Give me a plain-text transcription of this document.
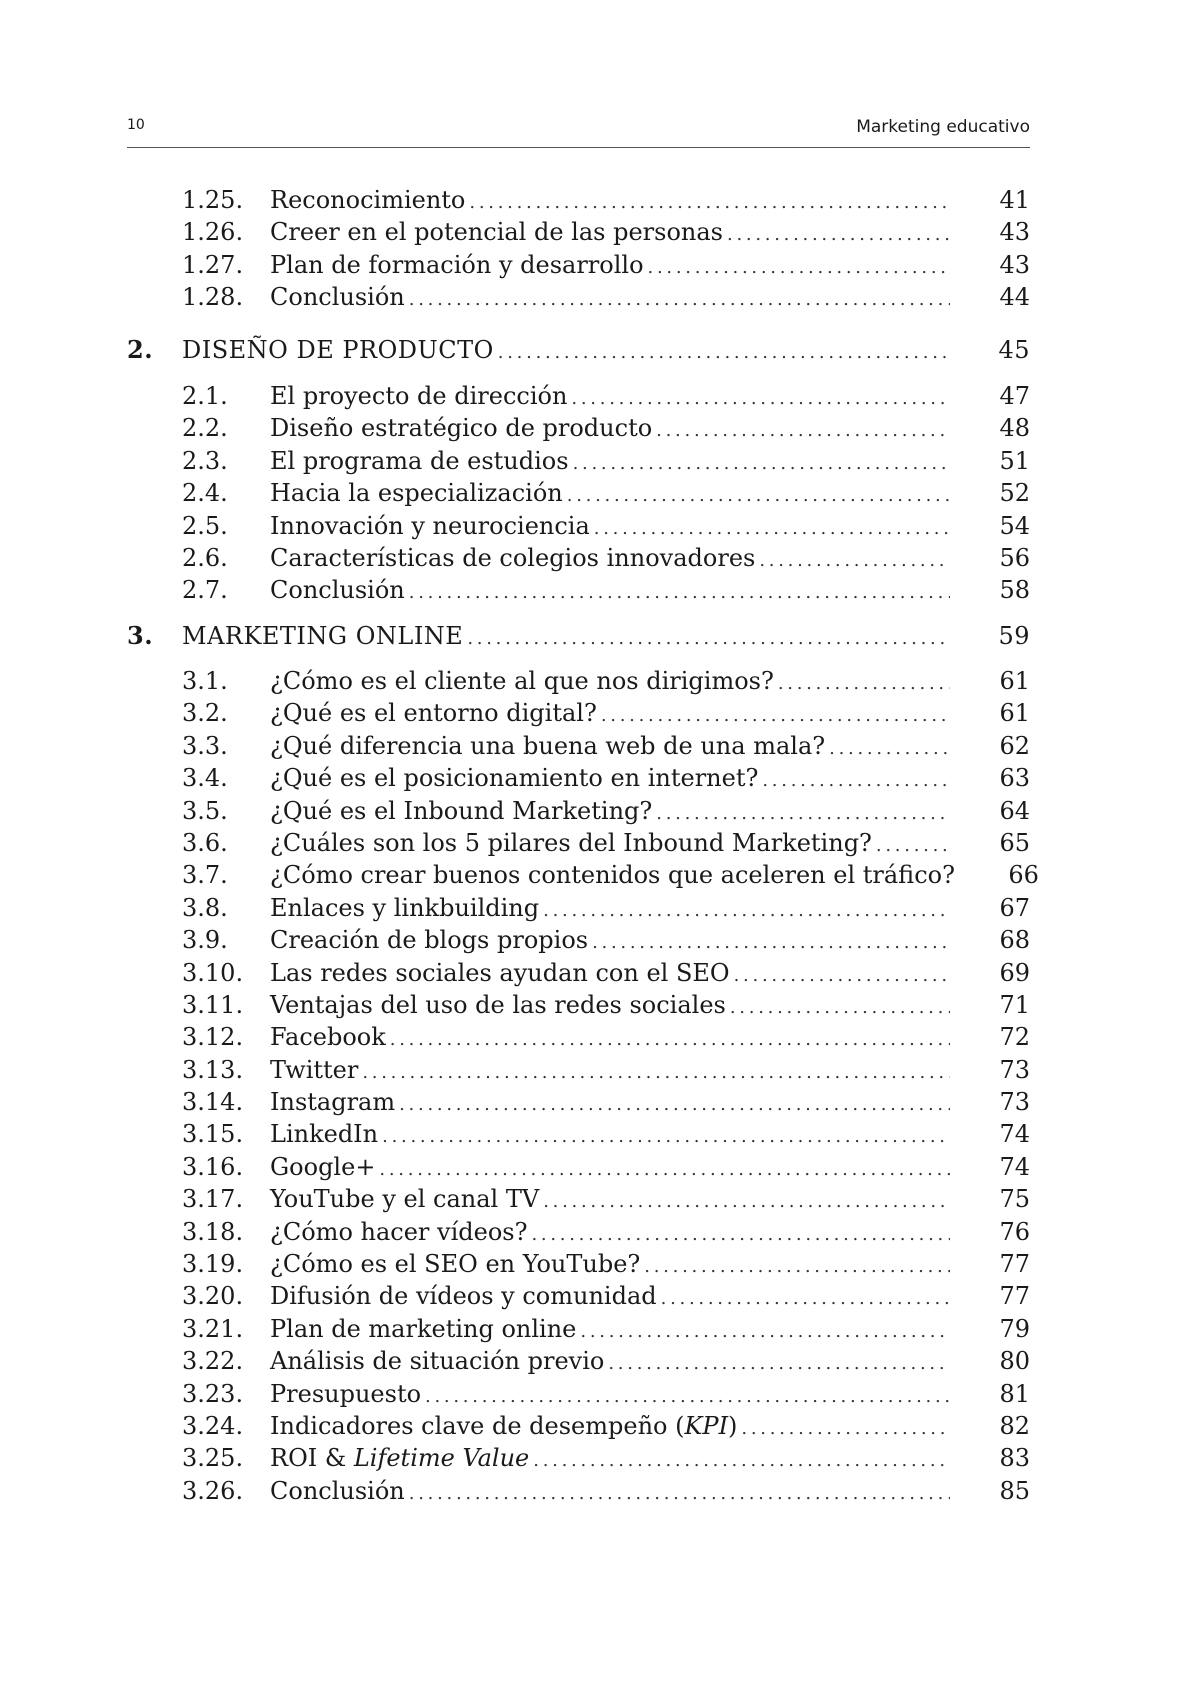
10	Marketing educativo
1.25.	Reconocimiento . . .	41
1.26.	Creer en el potencial de las personas . . .	43
1.27.	Plan de formación y desarrollo . . .	43
1.28.	Conclusión . . .	44
2.	DISEÑO DE PRODUCTO . . .	45
2.1.	El proyecto de dirección . . .	47
2.2.	Diseño estratégico de producto . . .	48
2.3.	El programa de estudios . . .	51
2.4.	Hacia la especialización . . .	52
2.5.	Innovación y neurociencia . . .	54
2.6.	Características de colegios innovadores . . .	56
2.7.	Conclusión . . .	58
3.	MARKETING ONLINE . . .	59
3.1.	¿Cómo es el cliente al que nos dirigimos? . . .	61
3.2.	¿Qué es el entorno digital? . . .	61
3.3.	¿Qué diferencia una buena web de una mala? . . .	62
3.4.	¿Qué es el posicionamiento en internet? . . .	63
3.5.	¿Qué es el Inbound Marketing? . . .	64
3.6.	¿Cuáles son los 5 pilares del Inbound Marketing? . . .	65
3.7.	¿Cómo crear buenos contenidos que aceleren el tráfico?	66
3.8.	Enlaces y linkbuilding . . .	67
3.9.	Creación de blogs propios . . .	68
3.10.	Las redes sociales ayudan con el SEO . . .	69
3.11.	Ventajas del uso de las redes sociales . . .	71
3.12.	Facebook . . .	72
3.13.	Twitter . . .	73
3.14.	Instagram . . .	73
3.15.	LinkedIn . . .	74
3.16.	Google+ . . .	74
3.17.	YouTube y el canal TV . . .	75
3.18.	¿Cómo hacer vídeos? . . .	76
3.19.	¿Cómo es el SEO en YouTube? . . .	77
3.20.	Difusión de vídeos y comunidad . . .	77
3.21.	Plan de marketing online . . .	79
3.22.	Análisis de situación previo . . .	80
3.23.	Presupuesto . . .	81
3.24.	Indicadores clave de desempeño (KPI) . . .	82
3.25.	ROI & Lifetime Value . . .	83
3.26.	Conclusión . . .	85
